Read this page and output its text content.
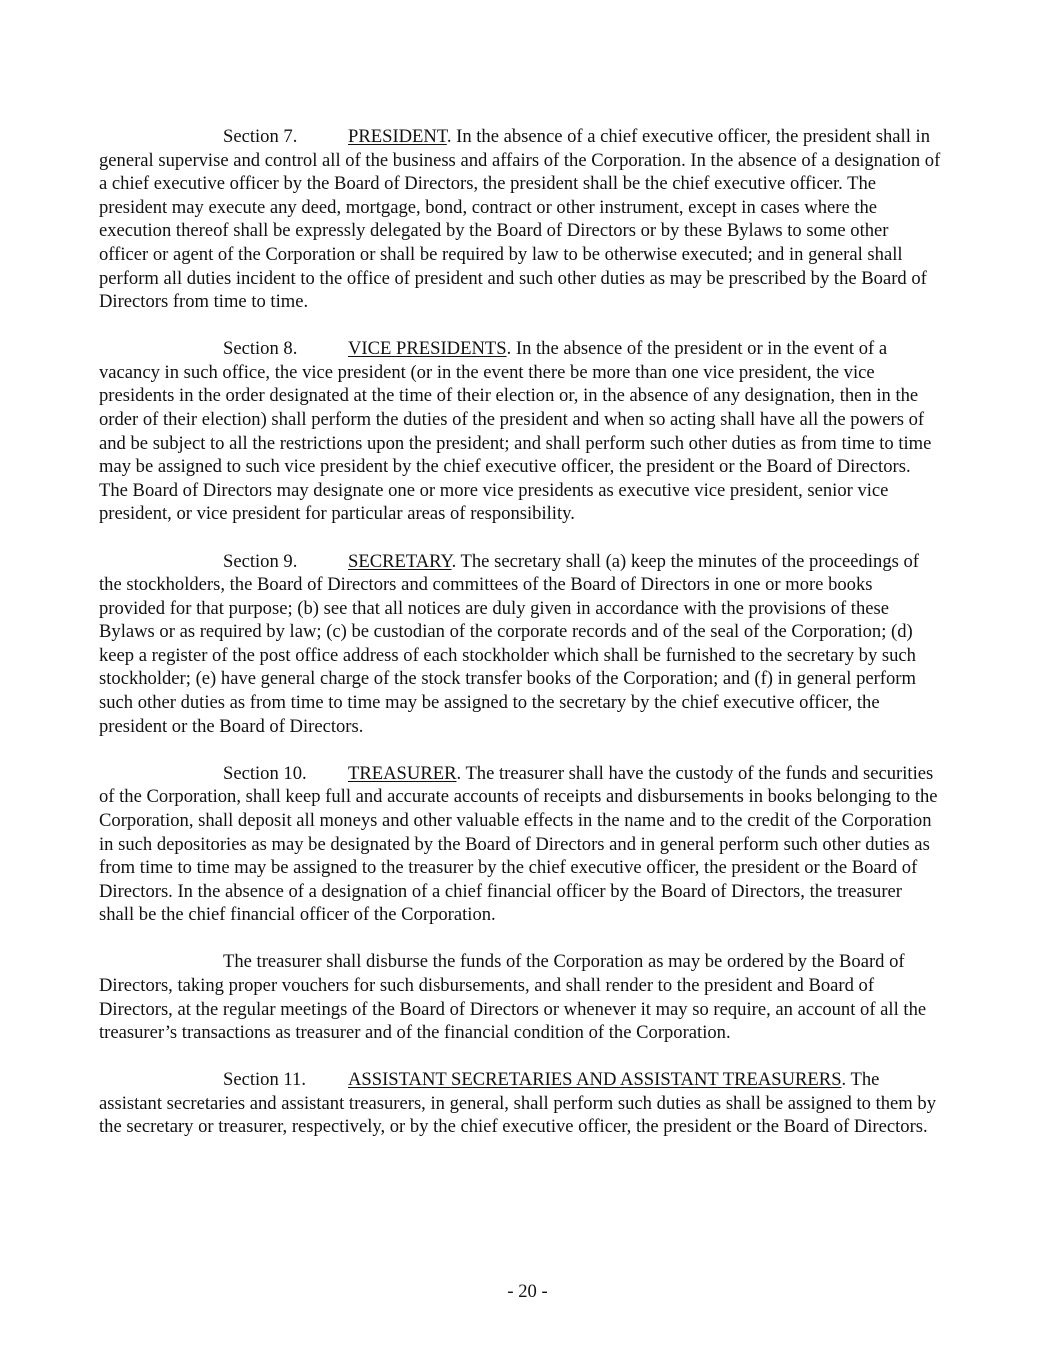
Section 7.	PRESIDENT. In the absence of a chief executive officer, the president shall in general supervise and control all of the business and affairs of the Corporation. In the absence of a designation of a chief executive officer by the Board of Directors, the president shall be the chief executive officer. The president may execute any deed, mortgage, bond, contract or other instrument, except in cases where the execution thereof shall be expressly delegated by the Board of Directors or by these Bylaws to some other officer or agent of the Corporation or shall be required by law to be otherwise executed; and in general shall perform all duties incident to the office of president and such other duties as may be prescribed by the Board of Directors from time to time.

Section 8.	VICE PRESIDENTS. In the absence of the president or in the event of a vacancy in such office, the vice president (or in the event there be more than one vice president, the vice presidents in the order designated at the time of their election or, in the absence of any designation, then in the order of their election) shall perform the duties of the president and when so acting shall have all the powers of and be subject to all the restrictions upon the president; and shall perform such other duties as from time to time may be assigned to such vice president by the chief executive officer, the president or the Board of Directors. The Board of Directors may designate one or more vice presidents as executive vice president, senior vice president, or vice president for particular areas of responsibility.

Section 9.	SECRETARY. The secretary shall (a) keep the minutes of the proceedings of the stockholders, the Board of Directors and committees of the Board of Directors in one or more books provided for that purpose; (b) see that all notices are duly given in accordance with the provisions of these Bylaws or as required by law; (c) be custodian of the corporate records and of the seal of the Corporation; (d) keep a register of the post office address of each stockholder which shall be furnished to the secretary by such stockholder; (e) have general charge of the stock transfer books of the Corporation; and (f) in general perform such other duties as from time to time may be assigned to the secretary by the chief executive officer, the president or the Board of Directors.

Section 10. TREASURER. The treasurer shall have the custody of the funds and securities of the Corporation, shall keep full and accurate accounts of receipts and disbursements in books belonging to the Corporation, shall deposit all moneys and other valuable effects in the name and to the credit of the Corporation in such depositories as may be designated by the Board of Directors and in general perform such other duties as from time to time may be assigned to the treasurer by the chief executive officer, the president or the Board of Directors. In the absence of a designation of a chief financial officer by the Board of Directors, the treasurer shall be the chief financial officer of the Corporation.

The treasurer shall disburse the funds of the Corporation as may be ordered by the Board of Directors, taking proper vouchers for such disbursements, and shall render to the president and Board of Directors, at the regular meetings of the Board of Directors or whenever it may so require, an account of all the treasurer’s transactions as treasurer and of the financial condition of the Corporation.

Section 11. ASSISTANT SECRETARIES AND ASSISTANT TREASURERS. The assistant secretaries and assistant treasurers, in general, shall perform such duties as shall be assigned to them by the secretary or treasurer, respectively, or by the chief executive officer, the president or the Board of Directors.

- 20 -
